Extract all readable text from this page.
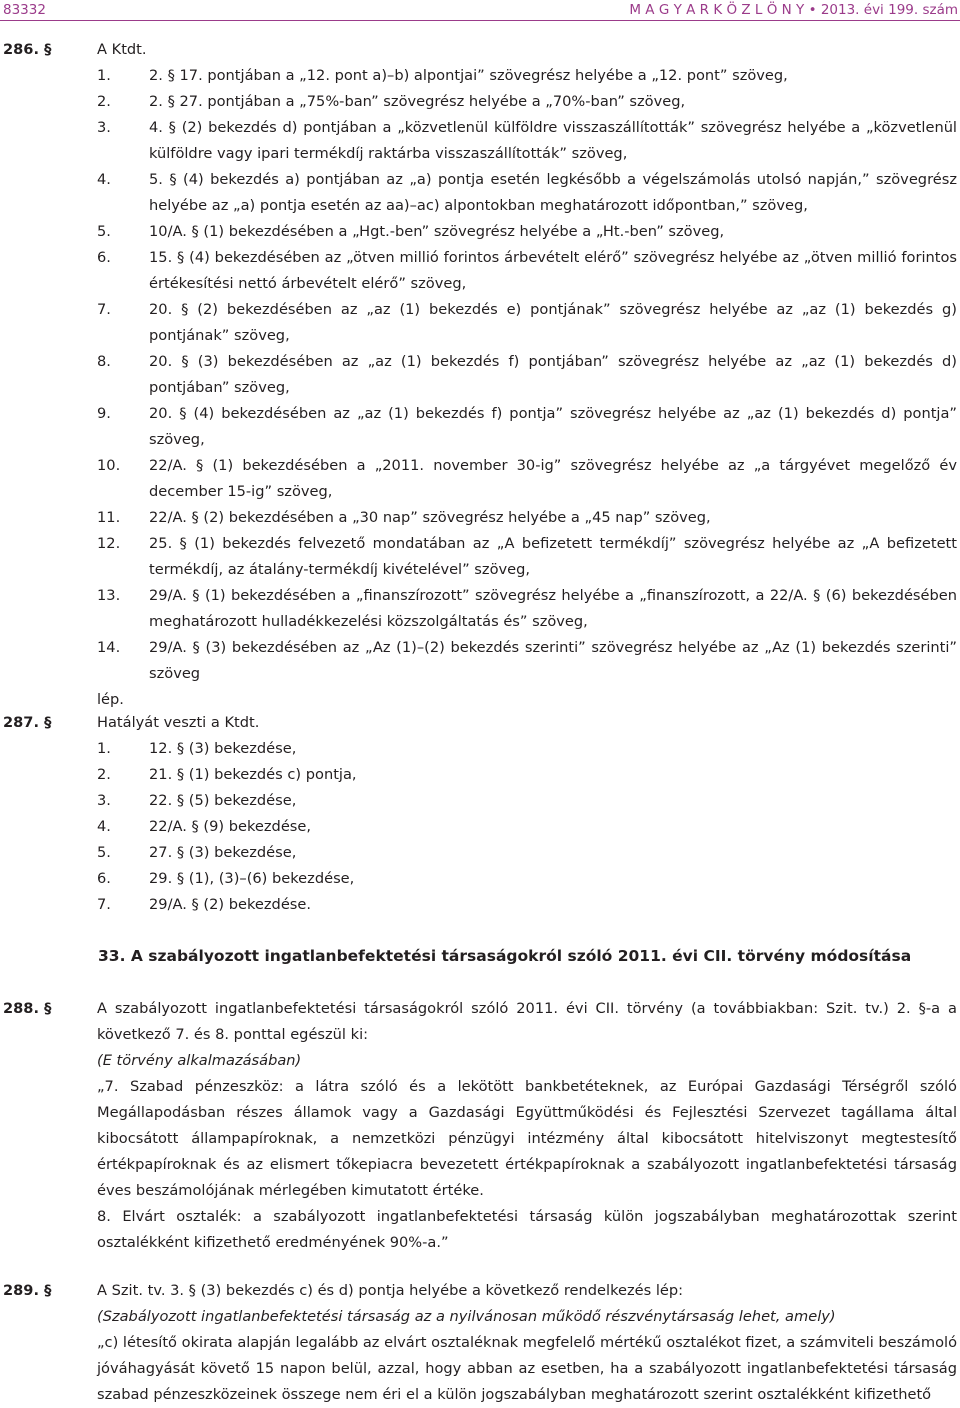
83332	M A G Y A R K Ö Z L Ö N Y • 2013. évi 199. szám
286. §	A Ktdt.
1.	2. § 17. pontjában a „12. pont a)–b) alpontjai” szövegrész helyébe a „12. pont” szöveg,
2.	2. § 27. pontjában a „75%-ban” szövegrész helyébe a „70%-ban” szöveg,
3.	4. § (2) bekezdés d) pontjában a „közvetlenül külföldre visszaszállították” szövegrész helyébe a „közvetlenül külföldre vagy ipari termékdíj raktárba visszaszállították” szöveg,
4.	5. § (4) bekezdés a) pontjában az „a) pontja esetén legkésőbb a végelszámolás utolsó napján,” szövegrész helyébe az „a) pontja esetén az aa)–ac) alpontokban meghatározott időpontban,” szöveg,
5.	10/A. § (1) bekezdésében a „Hgt.-ben” szövegrész helyébe a „Ht.-ben” szöveg,
6.	15. § (4) bekezdésében az „ötven millió forintos árbevételt elérő” szövegrész helyébe az „ötven millió forintos értékesítési nettó árbevételt elérő” szöveg,
7.	20. § (2) bekezdésében az „az (1) bekezdés e) pontjának” szövegrész helyébe az „az (1) bekezdés g) pontjának” szöveg,
8.	20. § (3) bekezdésében az „az (1) bekezdés f) pontjában” szövegrész helyébe az „az (1) bekezdés d) pontjában” szöveg,
9.	20. § (4) bekezdésében az „az (1) bekezdés f) pontja” szövegrész helyébe az „az (1) bekezdés d) pontja” szöveg,
10. 22/A. § (1) bekezdésében a „2011. november 30-ig” szövegrész helyébe az „a tárgyévet megelőző év december 15-ig” szöveg,
11. 22/A. § (2) bekezdésében a „30 nap” szövegrész helyébe a „45 nap” szöveg,
12. 25. § (1) bekezdés felvezető mondatában az „A befizetett termékdíj” szövegrész helyébe az „A befizetett termékdíj, az átalány-termékdíj kivételével” szöveg,
13. 29/A. § (1) bekezdésében a „finanszírozott” szövegrész helyébe a „finanszírozott, a 22/A. § (6) bekezdésében meghatározott hulladékkezelési közszolgáltatás és” szöveg,
14. 29/A. § (3) bekezdésében az „Az (1)–(2) bekezdés szerinti” szövegrész helyébe az „Az (1) bekezdés szerinti” szöveg
lép.
287. §	Hatályát veszti a Ktdt.
1.	12. § (3) bekezdése,
2.	21. § (1) bekezdés c) pontja,
3.	22. § (5) bekezdése,
4.	22/A. § (9) bekezdése,
5.	27. § (3) bekezdése,
6.	29. § (1), (3)–(6) bekezdése,
7.	29/A. § (2) bekezdése.
33. A szabályozott ingatlanbefektetési társaságokról szóló 2011. évi CII. törvény módosítása
288. §	A szabályozott ingatlanbefektetési társaságokról szóló 2011. évi CII. törvény (a továbbiakban: Szit. tv.) 2. §-a a következő 7. és 8. ponttal egészül ki:
(E törvény alkalmazásában)
„7. Szabad pénzeszköz: a látra szóló és a lekötött bankbetéteknek, az Európai Gazdasági Térségről szóló Megállapodásban részes államok vagy a Gazdasági Együttműködési és Fejlesztési Szervezet tagállama által kibocsátott állampapíroknak, a nemzetközi pénzügyi intézmény által kibocsátott hitelviszonyt megtestesítő értékpapíroknak és az elismert tőkepiacra bevezetett értékpapíroknak a szabályozott ingatlanbefektetési társaság éves beszámolójának mérlegében kimutatott értéke.
8. Elvárt osztalék: a szabályozott ingatlanbefektetési társaság külön jogszabályban meghatározottak szerint osztalékként kifizethető eredményének 90%-a.”
289. §	A Szit. tv. 3. § (3) bekezdés c) és d) pontja helyébe a következő rendelkezés lép:
(Szabályozott ingatlanbefektetési társaság az a nyilvánosan működő részvénytársaság lehet, amely)
„c) létesítő okirata alapján legalább az elvárt osztaléknak megfelelő mértékű osztalékot fizet, a számviteli beszámoló jóváhagyását követő 15 napon belül, azzal, hogy abban az esetben, ha a szabályozott ingatlanbefektetési társaság szabad pénzeszközeinek összege nem éri el a külön jogszabályban meghatározott szerint osztalékként kifizethető
